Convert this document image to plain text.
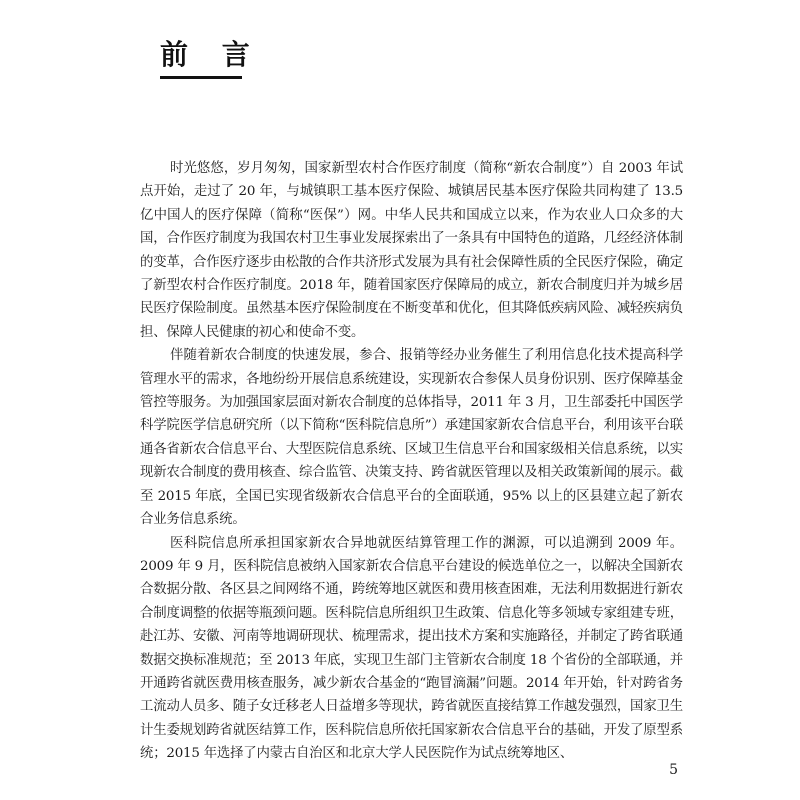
前 言

时光悠悠，岁月匆匆，国家新型农村合作医疗制度（简称“新农合制度”）自 2003 年试点开始，走过了 20 年，与城镇职工基本医疗保险、城镇居民基本医疗保险共同构建了 13.5 亿中国人的医疗保障（简称“医保”）网。中华人民共和国成立以来，作为农业人口众多的大国，合作医疗制度为我国农村卫生事业发展探索出了一条具有中国特色的道路，几经经济体制的变革，合作医疗逐步由松散的合作共济形式发展为具有社会保障性质的全民医疗保险，确定了新型农村合作医疗制度。2018 年，随着国家医疗保障局的成立，新农合制度归并为城乡居民医疗保险制度。虽然基本医疗保险制度在不断变革和优化，但其降低疾病风险、减轻疾病负担、保障人民健康的初心和使命不变。

伴随着新农合制度的快速发展，参合、报销等经办业务催生了利用信息化技术提高科学管理水平的需求，各地纷纷开展信息系统建设，实现新农合参保人员身份识别、医疗保障基金管控等服务。为加强国家层面对新农合制度的总体指导，2011 年 3 月，卫生部委托中国医学科学院医学信息研究所（以下简称“医科院信息所”）承建国家新农合信息平台，利用该平台联通各省新农合信息平台、大型医院信息系统、区域卫生信息平台和国家级相关信息系统，以实现新农合制度的费用核查、综合监管、决策支持、跨省就医管理以及相关政策新闻的展示。截至 2015 年底，全国已实现省级新农合信息平台的全面联通，95% 以上的区县建立起了新农合业务信息系统。

医科院信息所承担国家新农合异地就医结算管理工作的渊源，可以追溯到 2009 年。2009 年 9 月，医科院信息被纳入国家新农合信息平台建设的候选单位之一，以解决全国新农合数据分散、各区县之间网络不通，跨统筹地区就医和费用核查困难，无法利用数据进行新农合制度调整的依据等瓶颈问题。医科院信息所组织卫生政策、信息化等多领域专家组建专班，赴江苏、安徽、河南等地调研现状、梳理需求，提出技术方案和实施路径，并制定了跨省联通数据交换标准规范；至 2013 年底，实现卫生部门主管新农合制度 18 个省份的全部联通，并开通跨省就医费用核查服务，减少新农合基金的“跑冒滴漏”问题。2014 年开始，针对跨省务工流动人员多、随子女迁移老人日益增多等现状，跨省就医直接结算工作越发强烈，国家卫生计生委规划跨省就医结算工作，医科院信息所依托国家新农合信息平台的基础，开发了原型系统；2015 年选择了内蒙古自治区和北京大学人民医院作为试点统筹地区、

5
